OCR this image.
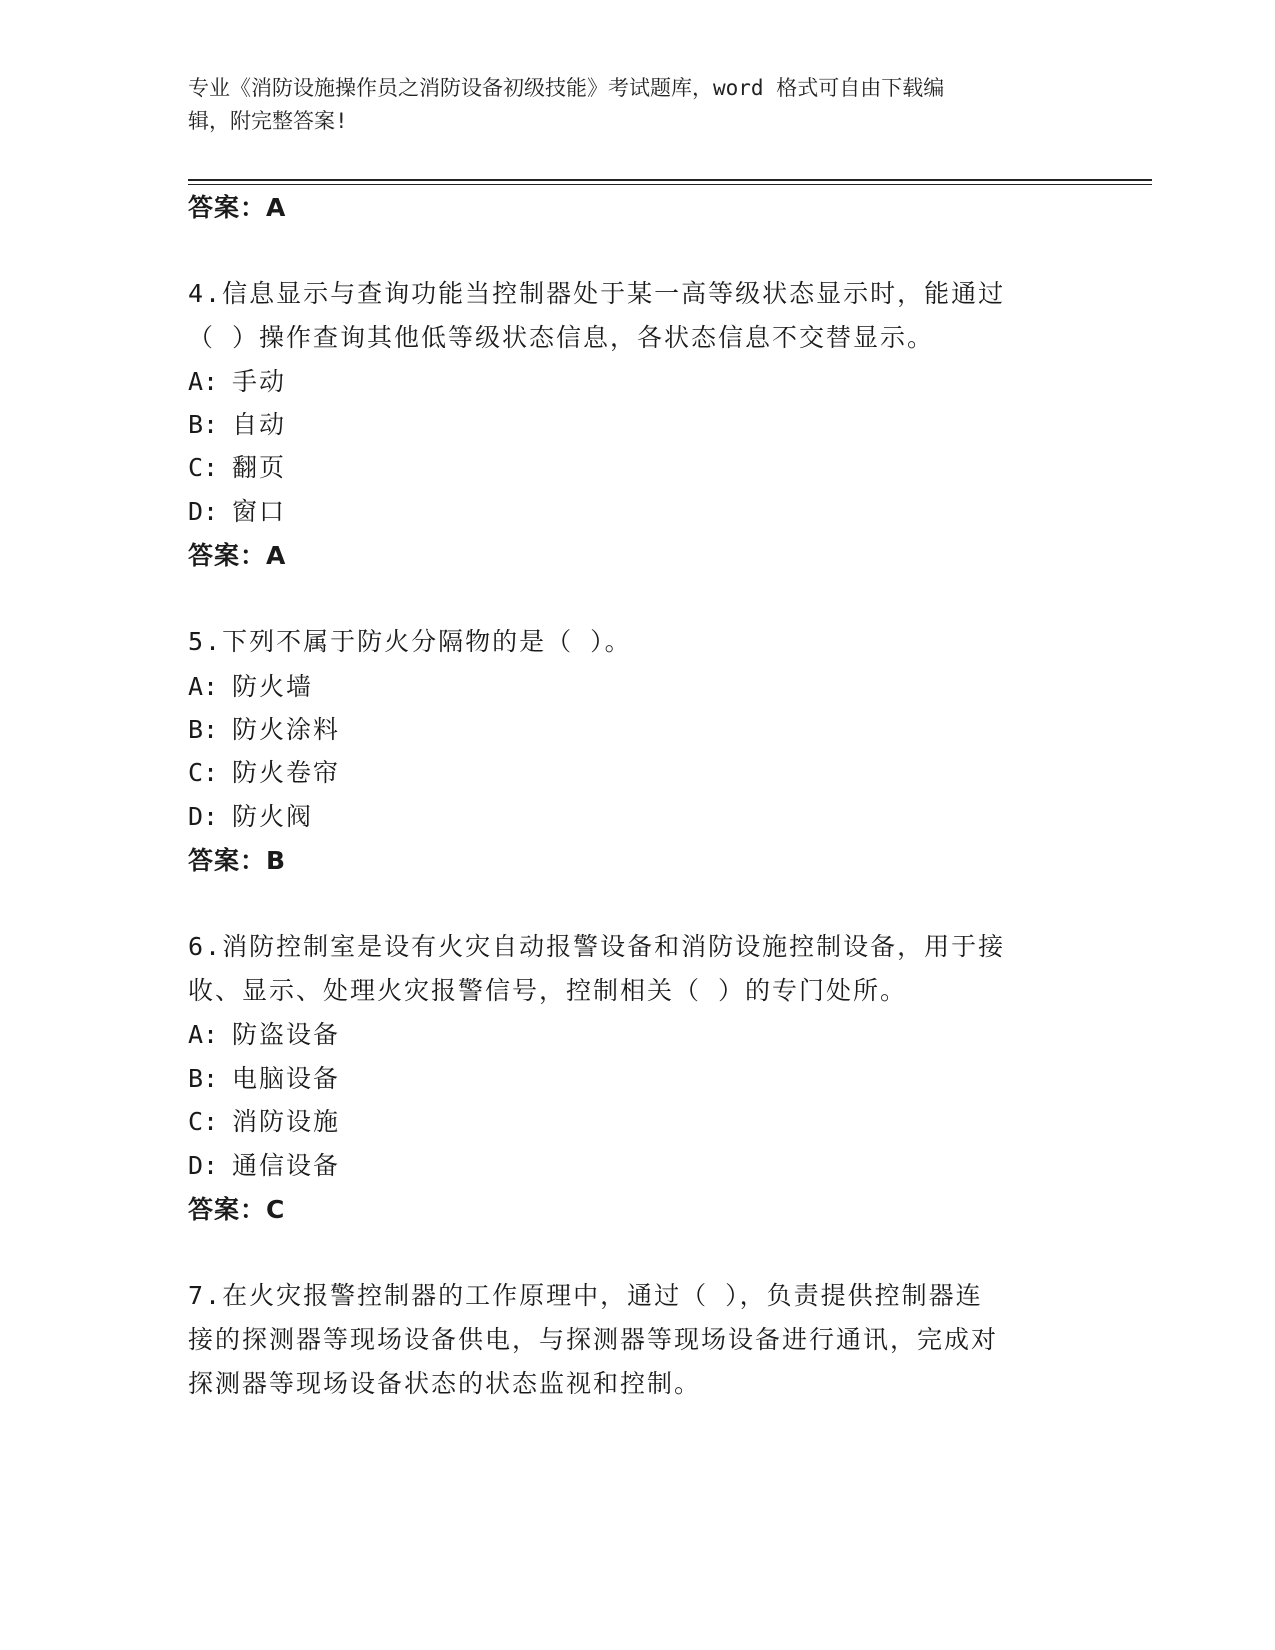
专业《消防设施操作员之消防设备初级技能》考试题库，word 格式可自由下载编
辑，附完整答案!
答案：A
4.信息显示与查询功能当控制器处于某一高等级状态显示时，能通过
（ ）操作查询其他低等级状态信息，各状态信息不交替显示。
A: 手动
B: 自动
C: 翻页
D: 窗口
答案：A
5.下列不属于防火分隔物的是（ ）。
A: 防火墙
B: 防火涂料
C: 防火卷帘
D: 防火阀
答案：B
6.消防控制室是设有火灾自动报警设备和消防设施控制设备，用于接
收、显示、处理火灾报警信号，控制相关（ ）的专门处所。
A: 防盗设备
B: 电脑设备
C: 消防设施
D: 通信设备
答案：C
7.在火灾报警控制器的工作原理中，通过（ ），负责提供控制器连
接的探测器等现场设备供电，与探测器等现场设备进行通讯，完成对
探测器等现场设备状态的状态监视和控制。
